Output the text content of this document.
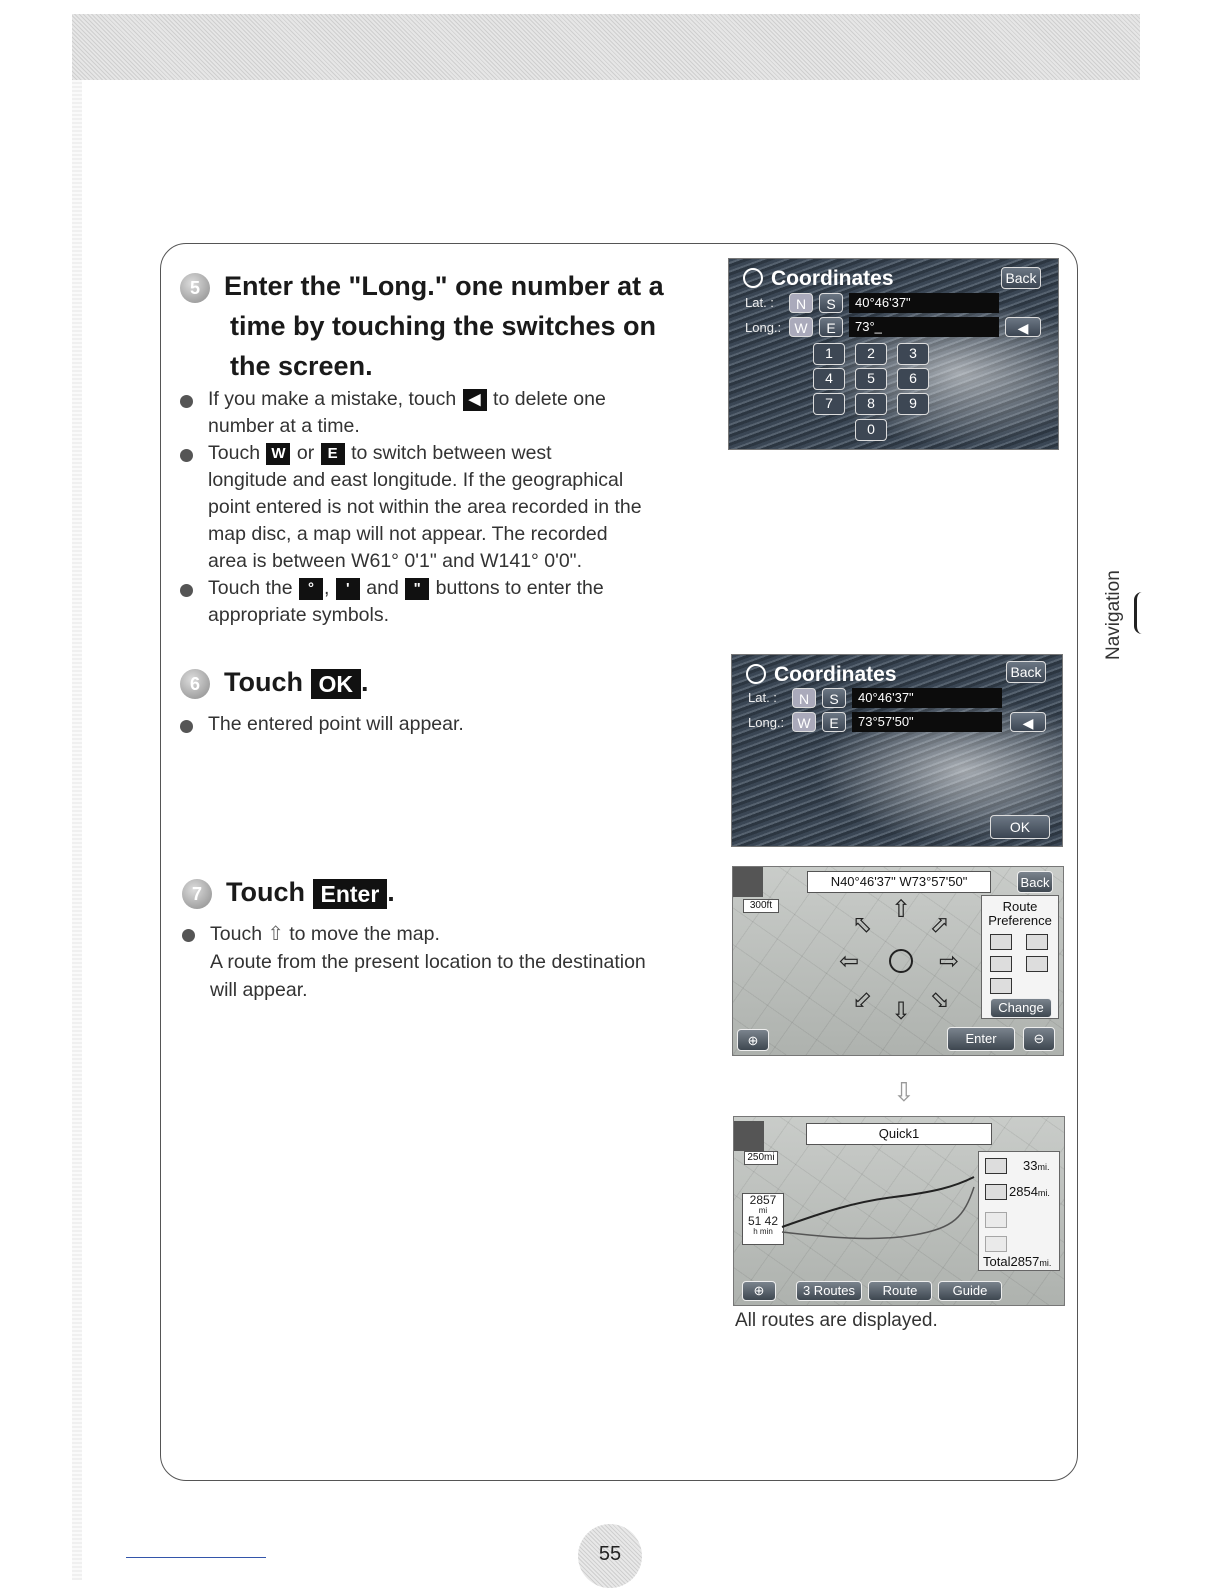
5 Enter the "Long." one number at a
time by touching the switches on
the screen.
If you make a mistake, touch ◀ to delete one
number at a time.
Touch W or E to switch between west
longitude and east longitude. If the geographical
point entered is not within the area recorded in the
map disc, a map will not appear. The recorded
area is between W61° 0'1" and W141° 0'0".
Touch the ° , ' and " buttons to enter the
appropriate symbols.
6 Touch OK .
The entered point will appear.
7 Touch Enter .
Touch ⇧ to move the map.
A route from the present location to the destination
will appear.
Coordinates	Back
Lat. :	N	S	40°46'37"
Long.: W	E	73°_	◀
1	2	3
4	5	6
7	8	9
0
Coordinates	Back
Lat. :	N	S	40°46'37"
Long.: W	E	73°57'50"	◀
OK
N40°46'37" W73°57'50"	Back
300ft	⇧
⇩
⇦	⇨
⇧ ⇧
⇧ ⇧
Route
Preference
Change
⊕	Enter	⊖
⇩
Quick1
250mi
33mi.
2854mi.
Total2857mi.
2857
mi
51 42
h min
⊕	3 Routes	Route	Guide
All routes are displayed.
Navigation
55
